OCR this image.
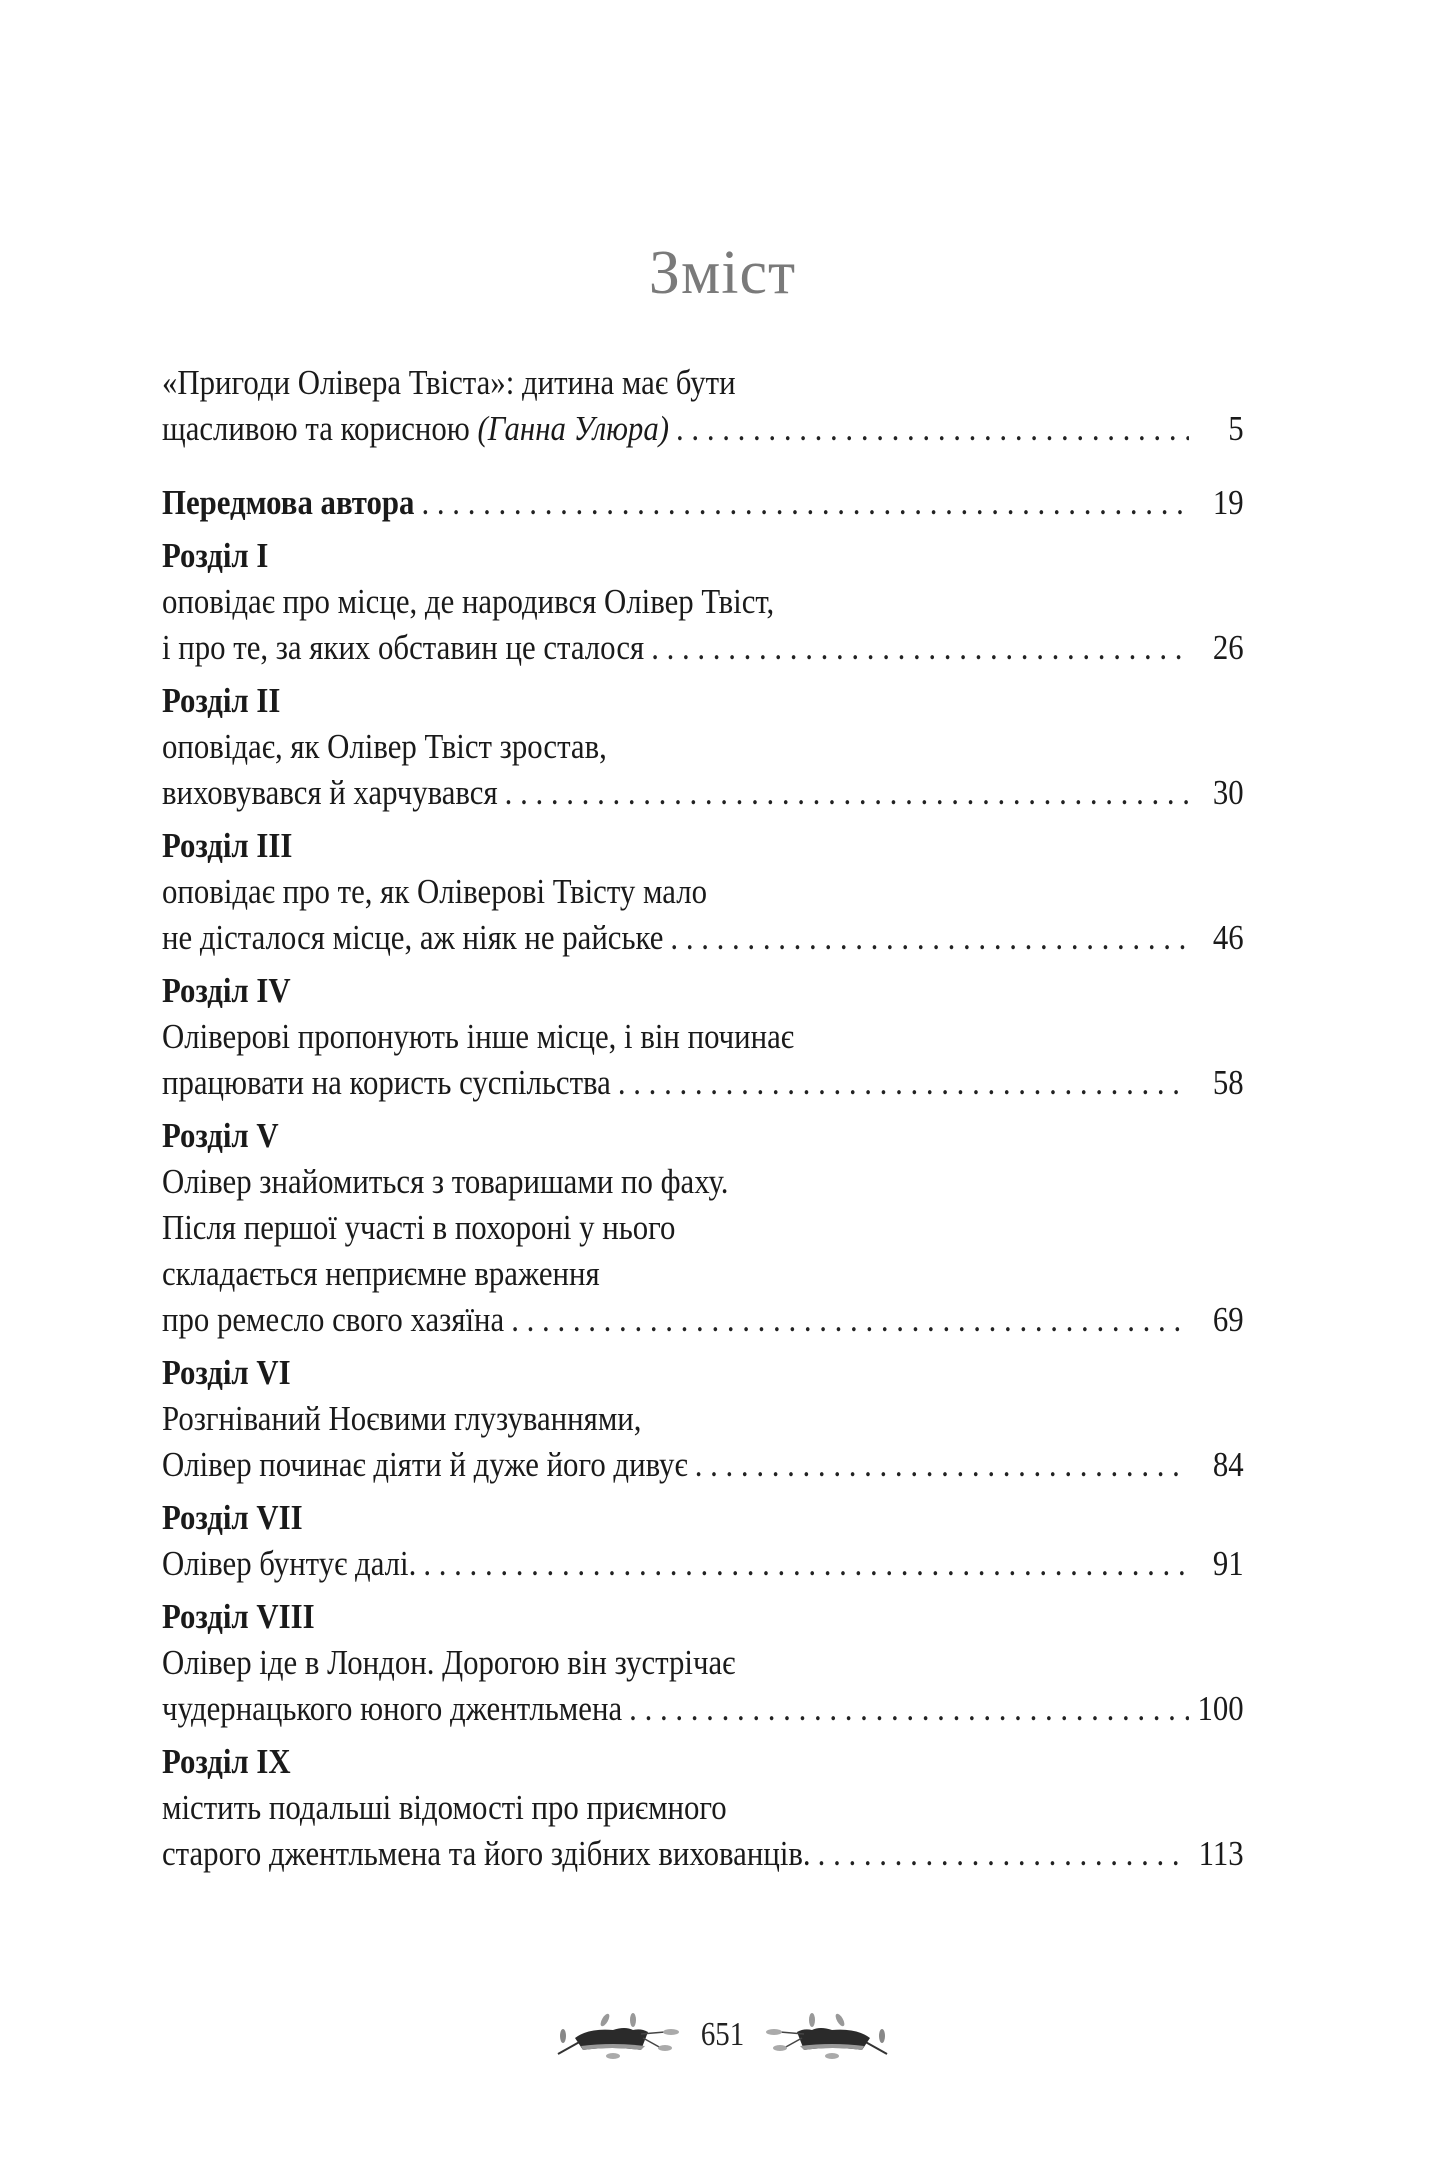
Зміст
«Пригоди Олівера Твіста»: дитина має бути
щасливою та корисною (Ганна Улюра) . . .	5
Передмова автора . . .	19
Розділ I
оповідає про місце, де народився Олівер Твіст,
і про те, за яких обставин це сталося . . .	26
Розділ II
оповідає, як Олівер Твіст зростав,
виховувався й харчувався . . .	30
Розділ III
оповідає про те, як Оліверові Твісту мало
не дісталося місце, аж ніяк не райське . . .	46
Розділ IV
Оліверові пропонують інше місце, і він починає
працювати на користь суспільства . . .	58
Розділ V
Олівер знайомиться з товаришами по фаху.
Після першої участі в похороні у нього
складається неприємне враження
про ремесло свого хазяїна . . .	69
Розділ VI
Розгніваний Ноєвими глузуваннями,
Олівер починає діяти й дуже його дивує . . .	84
Розділ VII
Олівер бунтує далі. . . .	91
Розділ VIII
Олівер іде в Лондон. Дорогою він зустрічає
чудернацького юного джентльмена . . .	100
Розділ IX
містить подальші відомості про приємного
старого джентльмена та його здібних вихованців. . . .	113
651
